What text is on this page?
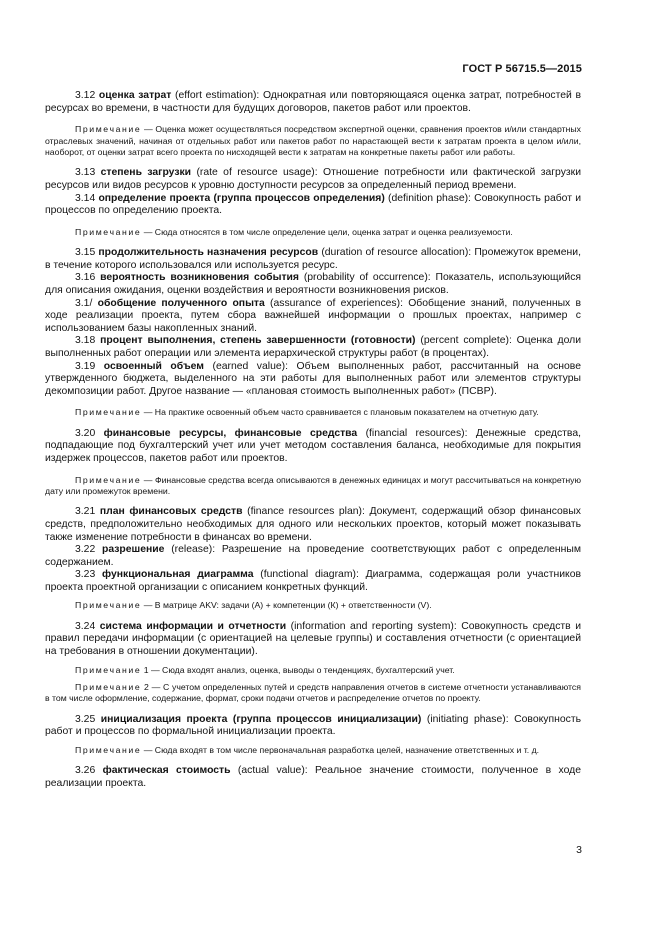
ГОСТ Р 56715.5—2015

3.12 оценка затрат (effort estimation): Однократная или повторяющаяся оценка затрат, потребностей в ресурсах во времени, в частности для будущих договоров, пакетов работ или проектов.

Примечание — Оценка может осуществляться посредством экспертной оценки, сравнения проектов и/или стандартных отраслевых значений, начиная от отдельных работ или пакетов работ по нарастающей вести к затратам проекта в целом и/или, наоборот, от оценки затрат всего проекта по нисходящей вести к затратам на конкретные пакеты работ или работы.

3.13 степень загрузки (rate of resource usage): Отношение потребности или фактической загрузки ресурсов или видов ресурсов к уровню доступности ресурсов за определенный период времени.

3.14 определение проекта (группа процессов определения) (definition phase): Совокупность работ и процессов по определению проекта.

Примечание — Сюда относятся в том числе определение цели, оценка затрат и оценка реализуемости.

3.15 продолжительность назначения ресурсов (duration of resource allocation): Промежуток времени, в течение которого использовался или используется ресурс.

3.16 вероятность возникновения события (probability of occurrence): Показатель, использующийся для описания ожидания, оценки воздействия и вероятности возникновения рисков.

3.1/ обобщение полученного опыта (assurance of experiences): Обобщение знаний, полученных в ходе реализации проекта, путем сбора важнейшей информации о прошлых проектах, например с использованием базы накопленных знаний.

3.18 процент выполнения, степень завершенности (готовности) (percent complete): Оценка доли выполненных работ операции или элемента иерархической структуры работ (в процентах).

3.19 освоенный объем (earned value): Объем выполненных работ, рассчитанный на основе утвержденного бюджета, выделенного на эти работы для выполненных работ или элементов структуры декомпозиции работ. Другое название — «плановая стоимость выполненных работ» (ПСВР).

Примечание — На практике освоенный объем часто сравнивается с плановым показателем на отчетную дату.

3.20 финансовые ресурсы, финансовые средства (financial resources): Денежные средства, подпадающие под бухгалтерский учет или учет методом составления баланса, необходимые для покрытия издержек процессов, пакетов работ или проектов.

Примечание — Финансовые средства всегда описываются в денежных единицах и могут рассчитываться на конкретную дату или промежуток времени.

3.21 план финансовых средств (finance resources plan): Документ, содержащий обзор финансовых средств, предположительно необходимых для одного или нескольких проектов, который может показывать также изменение потребности в финансах во времени.

3.22 разрешение (release): Разрешение на проведение соответствующих работ с определенным содержанием.

3.23 функциональная диаграмма (functional diagram): Диаграмма, содержащая роли участников проекта проектной организации с описанием конкретных функций.

Примечание — В матрице AKV: задачи (А) + компетенции (К) + ответственности (V).

3.24 система информации и отчетности (information and reporting system): Совокупность средств и правил передачи информации (с ориентацией на целевые группы) и составления отчетности (с ориентацией на требования в отношении документации).

Примечание 1 — Сюда входят анализ, оценка, выводы о тенденциях, бухгалтерский учет.

Примечание 2 — С учетом определенных путей и средств направления отчетов в системе отчетности устанавливаются в том числе оформление, содержание, формат, сроки подачи отчетов и распределение отчетов по проекту.

3.25 инициализация проекта (группа процессов инициализации) (initiating phase): Совокупность работ и процессов по формальной инициализации проекта.

Примечание — Сюда входят в том числе первоначальная разработка целей, назначение ответственных и т. д.

3.26 фактическая стоимость (actual value): Реальное значение стоимости, полученное в ходе реализации проекта.

3
